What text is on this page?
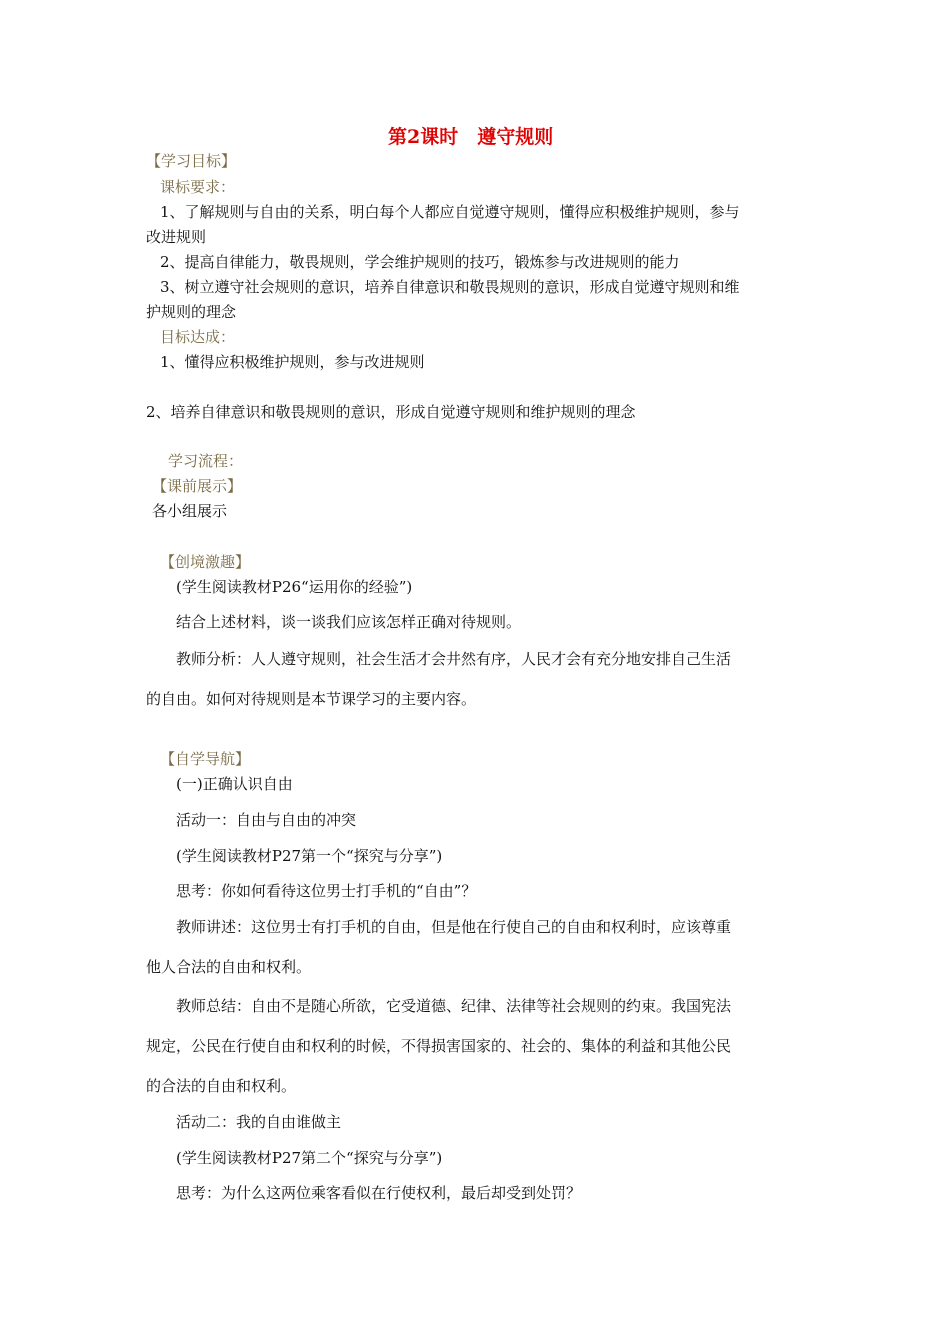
第2课时　遵守规则
【学习目标】
课标要求：
1、了解规则与自由的关系，明白每个人都应自觉遵守规则，懂得应积极维护规则，参与
改进规则
2、提高自律能力，敬畏规则，学会维护规则的技巧，锻炼参与改进规则的能力
3、树立遵守社会规则的意识，培养自律意识和敬畏规则的意识，形成自觉遵守规则和维
护规则的理念
目标达成：
1、懂得应积极维护规则，参与改进规则
2、培养自律意识和敬畏规则的意识，形成自觉遵守规则和维护规则的理念
学习流程：
【课前展示】
各小组展示
【创境激趣】
(学生阅读教材P26“运用你的经验”)
结合上述材料，谈一谈我们应该怎样正确对待规则。
教师分析：人人遵守规则，社会生活才会井然有序，人民才会有充分地安排自己生活
的自由。如何对待规则是本节课学习的主要内容。
【自学导航】
(一)正确认识自由
活动一：自由与自由的冲突
(学生阅读教材P27第一个“探究与分享”)
思考：你如何看待这位男士打手机的“自由”？
教师讲述：这位男士有打手机的自由，但是他在行使自己的自由和权利时，应该尊重
他人合法的自由和权利。
教师总结：自由不是随心所欲，它受道德、纪律、法律等社会规则的约束。我国宪法
规定，公民在行使自由和权利的时候，不得损害国家的、社会的、集体的利益和其他公民
的合法的自由和权利。
活动二：我的自由谁做主
(学生阅读教材P27第二个“探究与分享”)
思考：为什么这两位乘客看似在行使权利，最后却受到处罚？
